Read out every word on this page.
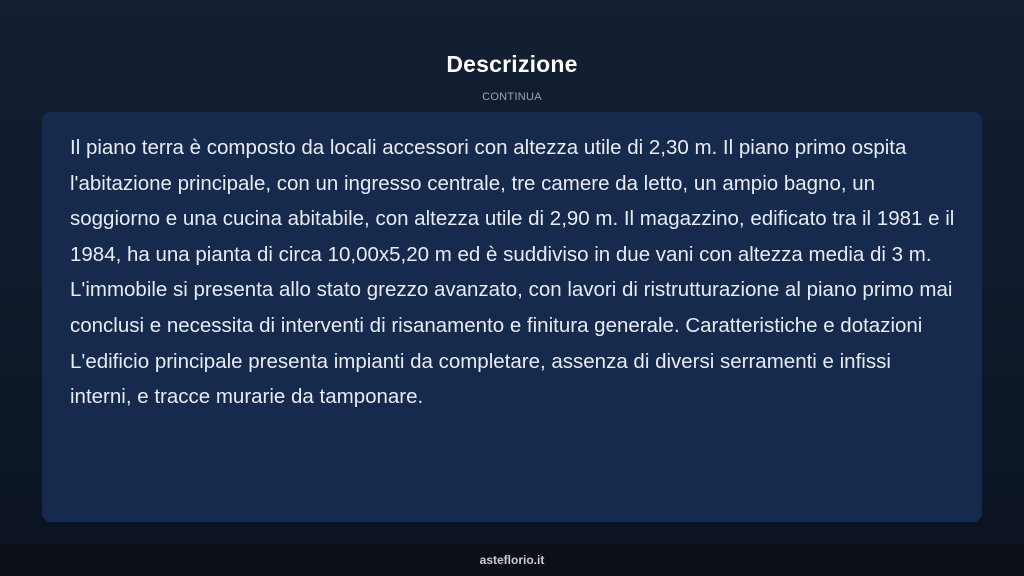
Descrizione
CONTINUA

Il piano terra è composto da locali accessori con altezza utile di 2,30 m. Il piano primo ospita l'abitazione principale, con un ingresso centrale, tre camere da letto, un ampio bagno, un soggiorno e una cucina abitabile, con altezza utile di 2,90 m. Il magazzino, edificato tra il 1981 e il 1984, ha una pianta di circa 10,00x5,20 m ed è suddiviso in due vani con altezza media di 3 m. L'immobile si presenta allo stato grezzo avanzato, con lavori di ristrutturazione al piano primo mai conclusi e necessita di interventi di risanamento e finitura generale. Caratteristiche e dotazioni L'edificio principale presenta impianti da completare, assenza di diversi serramenti e infissi interni, e tracce murarie da tamponare.

asteflorio.it
